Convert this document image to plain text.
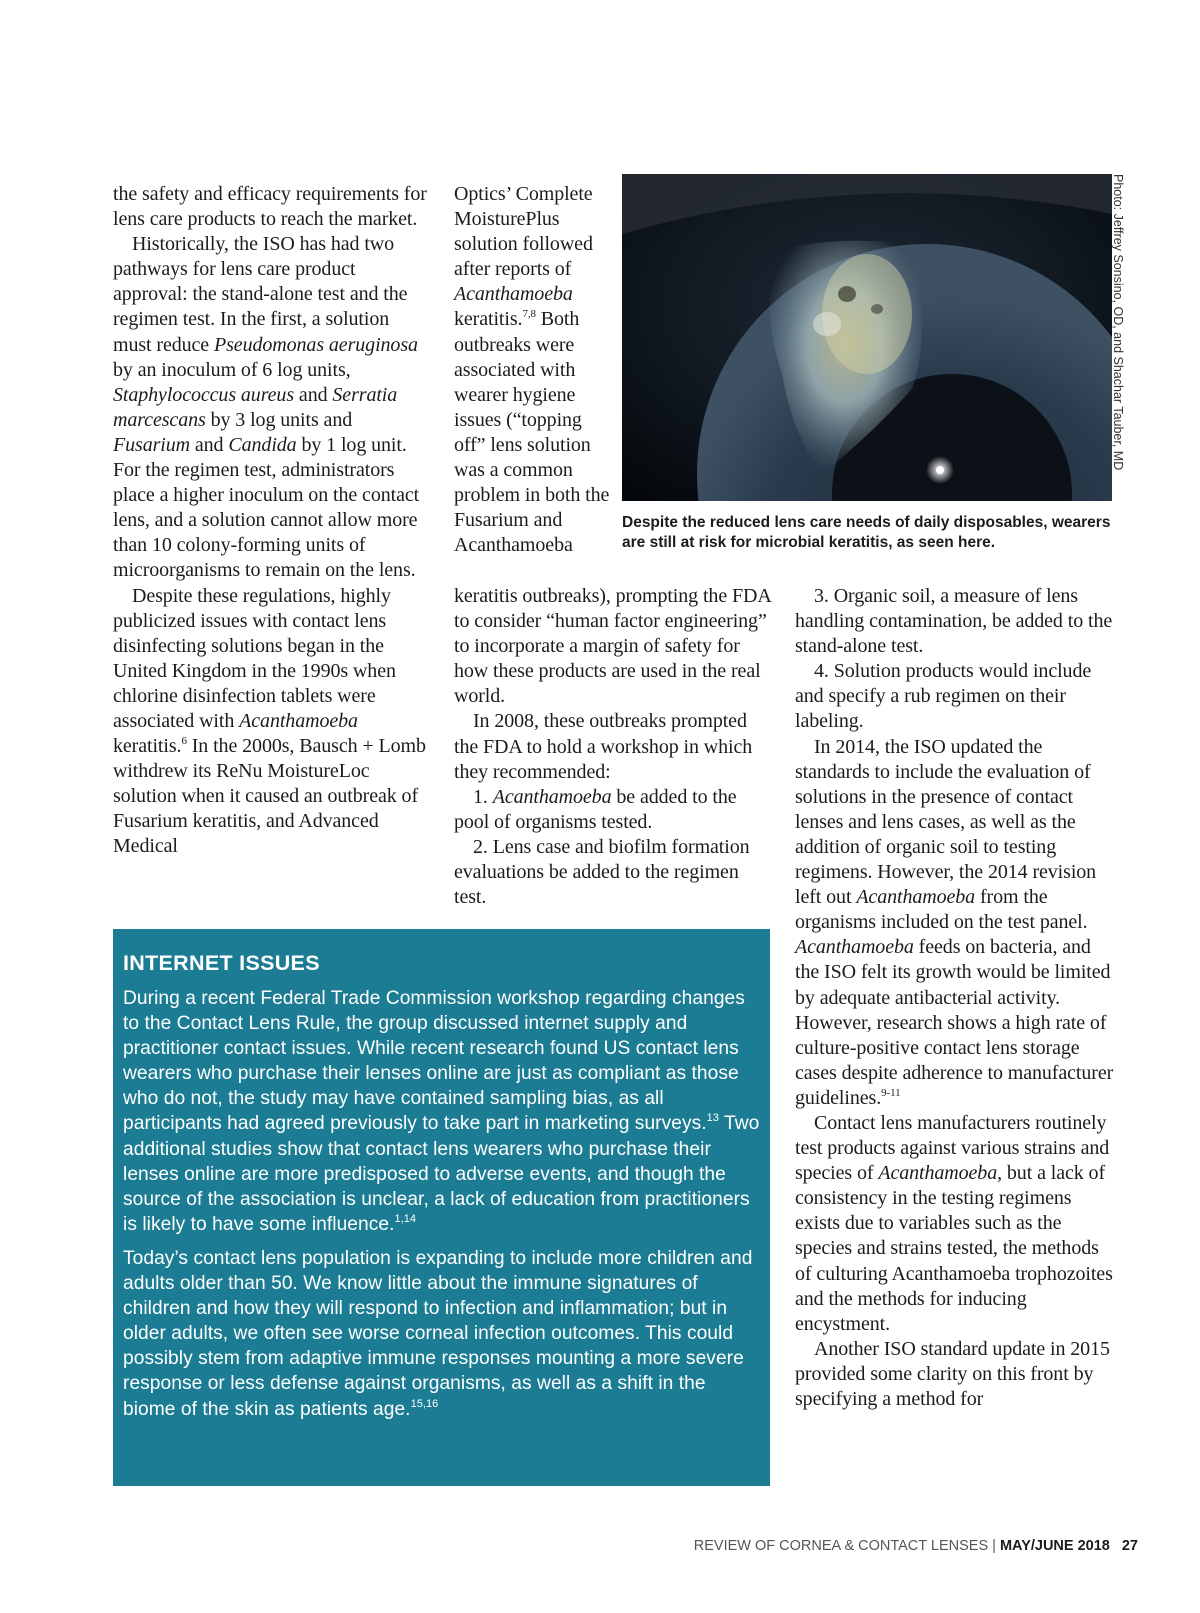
the safety and efficacy requirements for lens care products to reach the market.

Historically, the ISO has had two pathways for lens care product approval: the stand-alone test and the regimen test. In the first, a solution must reduce Pseudomonas aeruginosa by an inoculum of 6 log units, Staphylococcus aureus and Serratia marcescans by 3 log units and Fusarium and Candida by 1 log unit. For the regimen test, administrators place a higher inoculum on the contact lens, and a solution cannot allow more than 10 colony-forming units of microorganisms to remain on the lens.

Despite these regulations, highly publicized issues with contact lens disinfecting solutions began in the United Kingdom in the 1990s when chlorine disinfection tablets were associated with Acanthamoeba keratitis.$^6$ In the 2000s, Bausch + Lomb withdrew its ReNu MoistureLoc solution when it caused an outbreak of Fusarium keratitis, and Advanced Medical

Optics’ Complete MoisturePlus solution followed after reports of Acanthamoeba keratitis.$^{7,8}$ Both outbreaks were associated with wearer hygiene issues (“topping off” lens solution was a common problem in both the Fusarium and Acanthamoeba

keratitis outbreaks), prompting the FDA to consider “human factor engineering” to incorporate a margin of safety for how these products are used in the real world.

In 2008, these outbreaks prompted the FDA to hold a workshop in which they recommended:

1. Acanthamoeba be added to the pool of organisms tested.

2. Lens case and biofilm formation evaluations be added to the regimen test.

3. Organic soil, a measure of lens handling contamination, be added to the stand-alone test.

4. Solution products would include and specify a rub regimen on their labeling.

In 2014, the ISO updated the standards to include the evaluation of solutions in the presence of contact lenses and lens cases, as well as the addition of organic soil to testing regimens. However, the 2014 revision left out Acanthamoeba from the organisms included on the test panel. Acanthamoeba feeds on bacteria, and the ISO felt its growth would be limited by adequate antibacterial activity. However, research shows a high rate of culture-positive contact lens storage cases despite adherence to manufacturer guidelines.$^{9-11}$

Contact lens manufacturers routinely test products against various strains and species of Acanthamoeba, but a lack of consistency in the testing regimens exists due to variables such as the species and strains tested, the methods of culturing Acanthamoeba trophozoites and the methods for inducing encystment.

Another ISO standard update in 2015 provided some clarity on this front by specifying a method for

Photo: Jeffrey Sonsino, OD, and Shachar Tauber, MD
Despite the reduced lens care needs of daily disposables, wearers are still at risk for microbial keratitis, as seen here.
INTERNET ISSUES

During a recent Federal Trade Commission workshop regarding changes to the Contact Lens Rule, the group discussed internet supply and practitioner contact issues. While recent research found US contact lens wearers who purchase their lenses online are just as compliant as those who do not, the study may have contained sampling bias, as all participants had agreed previously to take part in marketing surveys.$^{13}$ Two additional studies show that contact lens wearers who purchase their lenses online are more predisposed to adverse events, and though the source of the association is unclear, a lack of education from practitioners is likely to have some influence.$^{1,14}$

Today’s contact lens population is expanding to include more children and adults older than 50. We know little about the immune signatures of children and how they will respond to infection and inflammation; but in older adults, we often see worse corneal infection outcomes. This could possibly stem from adaptive immune responses mounting a more severe response or less defense against organisms, as well as a shift in the biome of the skin as patients age.$^{15,16}$

REVIEW OF CORNEA & CONTACT LENSES | MAY/JUNE 2018 27
